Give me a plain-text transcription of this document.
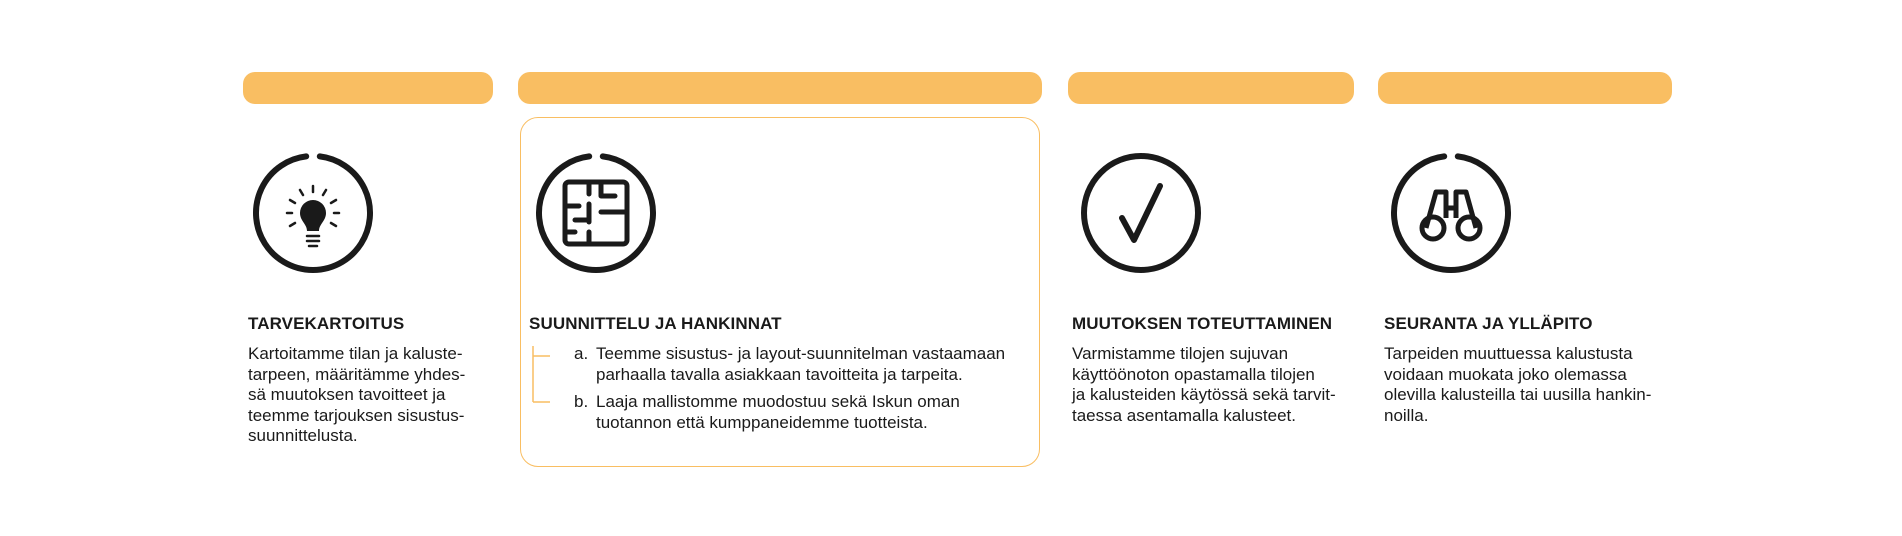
TARVEKARTOITUS	SUUNNITTELU JA HANKINNAT	MUUTOKSEN TOTEUTTAMINEN	SEURANTA JA YLLÄPITO
Kartoitamme tilan ja kaluste-
tarpeen, määritämme yhdes-
sä muutoksen tavoitteet ja
teemme tarjouksen sisustus-
suunnittelusta.
Varmistamme tilojen sujuvan
käyttöönoton opastamalla tilojen
ja kalusteiden käytössä sekä tarvit-
taessa asentamalla kalusteet.
Tarpeiden muuttuessa kalustusta
voidaan muokata joko olemassa
olevilla kalusteilla tai uusilla hankin-
noilla.
a. Teemme sisustus- ja layout-suunnitelman vastaamaan
parhaalla tavalla asiakkaan tavoitteita ja tarpeita.
b. Laaja mallistomme muodostuu sekä Iskun oman
tuotannon että kumppaneidemme tuotteista.
